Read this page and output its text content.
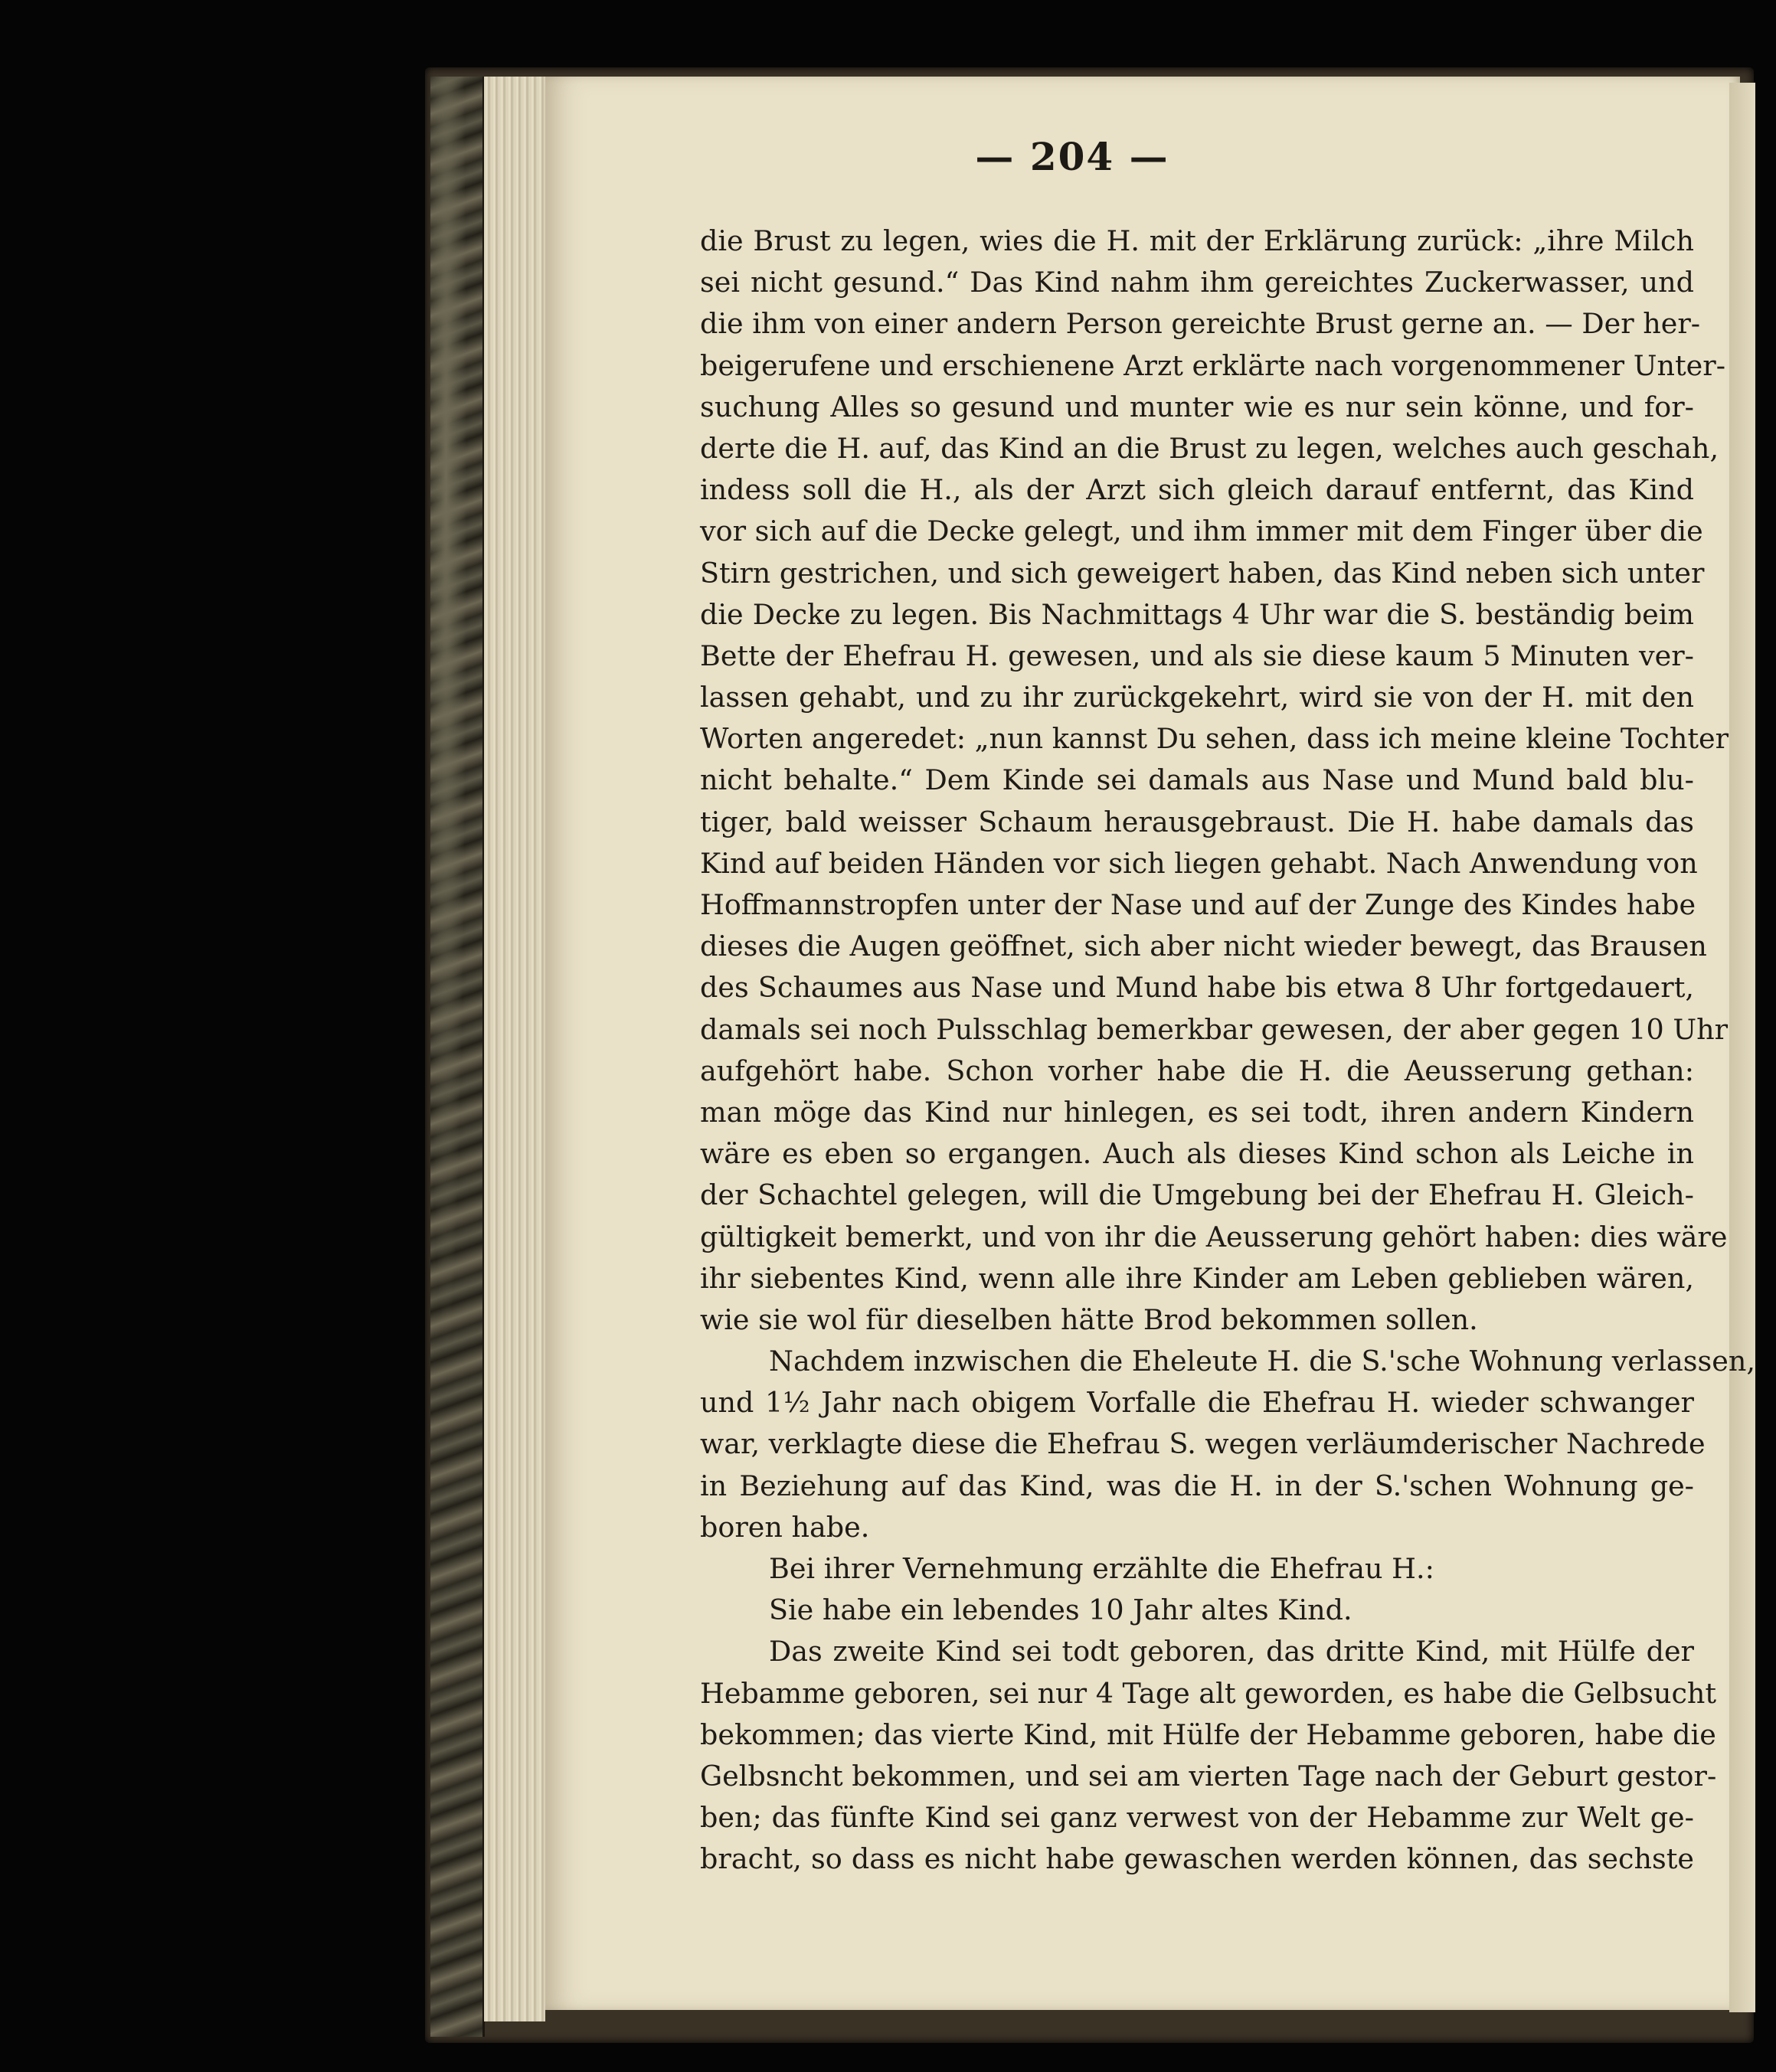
— 204 —
die Brust zu legen, wies die H. mit der Erklärung zurück: „ihre Milch
sei nicht gesund.“ Das Kind nahm ihm gereichtes Zuckerwasser, und
die ihm von einer andern Person gereichte Brust gerne an. — Der her-
beigerufene und erschienene Arzt erklärte nach vorgenommener Unter-
suchung Alles so gesund und munter wie es nur sein könne, und for-
derte die H. auf, das Kind an die Brust zu legen, welches auch geschah,
indess soll die H., als der Arzt sich gleich darauf entfernt, das Kind
vor sich auf die Decke gelegt, und ihm immer mit dem Finger über die
Stirn gestrichen, und sich geweigert haben, das Kind neben sich unter
die Decke zu legen. Bis Nachmittags 4 Uhr war die S. beständig beim
Bette der Ehefrau H. gewesen, und als sie diese kaum 5 Minuten ver-
lassen gehabt, und zu ihr zurückgekehrt, wird sie von der H. mit den
Worten angeredet: „nun kannst Du sehen, dass ich meine kleine Tochter
nicht behalte.“ Dem Kinde sei damals aus Nase und Mund bald blu-
tiger, bald weisser Schaum herausgebraust. Die H. habe damals das
Kind auf beiden Händen vor sich liegen gehabt. Nach Anwendung von
Hoffmannstropfen unter der Nase und auf der Zunge des Kindes habe
dieses die Augen geöffnet, sich aber nicht wieder bewegt, das Brausen
des Schaumes aus Nase und Mund habe bis etwa 8 Uhr fortgedauert,
damals sei noch Pulsschlag bemerkbar gewesen, der aber gegen 10 Uhr
aufgehört habe. Schon vorher habe die H. die Aeusserung gethan:
man möge das Kind nur hinlegen, es sei todt, ihren andern Kindern
wäre es eben so ergangen. Auch als dieses Kind schon als Leiche in
der Schachtel gelegen, will die Umgebung bei der Ehefrau H. Gleich-
gültigkeit bemerkt, und von ihr die Aeusserung gehört haben: dies wäre
ihr siebentes Kind, wenn alle ihre Kinder am Leben geblieben wären,
wie sie wol für dieselben hätte Brod bekommen sollen.
Nachdem inzwischen die Eheleute H. die S.'sche Wohnung verlassen,
und 1½ Jahr nach obigem Vorfalle die Ehefrau H. wieder schwanger
war, verklagte diese die Ehefrau S. wegen verläumderischer Nachrede
in Beziehung auf das Kind, was die H. in der S.'schen Wohnung ge-
boren habe.
Bei ihrer Vernehmung erzählte die Ehefrau H.:
Sie habe ein lebendes 10 Jahr altes Kind.
Das zweite Kind sei todt geboren, das dritte Kind, mit Hülfe der
Hebamme geboren, sei nur 4 Tage alt geworden, es habe die Gelbsucht
bekommen; das vierte Kind, mit Hülfe der Hebamme geboren, habe die
Gelbsncht bekommen, und sei am vierten Tage nach der Geburt gestor-
ben; das fünfte Kind sei ganz verwest von der Hebamme zur Welt ge-
bracht, so dass es nicht habe gewaschen werden können, das sechste
